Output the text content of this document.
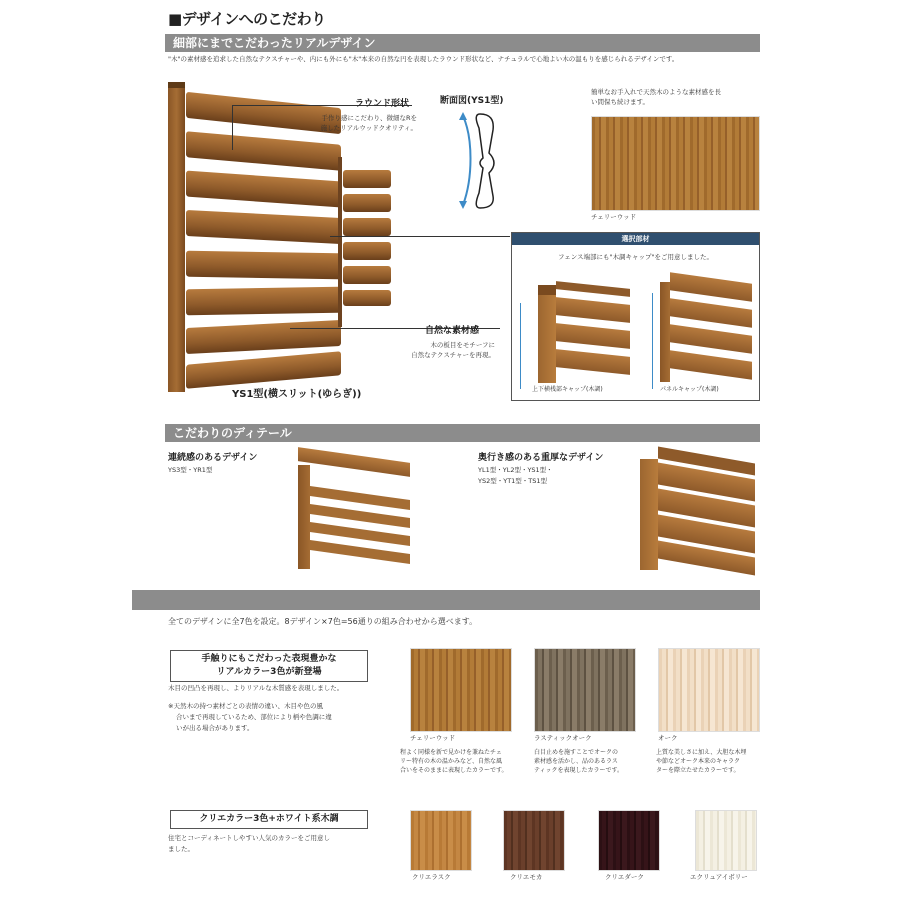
■デザインへのこだわり
細部にまでこだわったリアルデザイン
"木"の素材感を追求した自然なテクスチャーや、内にも外にも"木"本来の自然な円を表現したラウンド形状など、ナチュラルで心地よい木の温もりを感じられるデザインです。
ラウンド形状
手作り感にこだわり、微細なRを
施したリアルウッドクオリティ。
断面図(YS1型)
自然な素材感
木の板目をモチーフに
自然なテクスチャーを再現。
YS1型(横スリット(ゆらぎ))
簡単なお手入れで天然木のような素材感を長
い間保ち続けます。
チェリーウッド
選択部材
フェンス端部にも"木調キャップ"をご用意しました。
上下横桟部キャップ(木調)	パネルキャップ(木調)
こだわりのディテール
連続感のあるデザイン
YS3型・YR1型
奥行き感のある重厚なデザイン
YL1型・YL2型・YS1型・
YS2型・YT1型・TS1型
全てのデザインに全7色を設定。8デザイン×7色=56通りの組み合わせから選べます。
手触りにもこだわった表現豊かな
リアルカラー3色が新登場
木目の凹凸を再現し、よりリアルな木質感を表現しました。
※天然木の持つ素材ごとの表情の違い、木目や色の風
合いまで再現しているため、部位により柄や色調に違
いが出る場合があります。
チェリーウッド
程よく同様を新で見かけを兼ねたチェ
リー特有の木の温かみなど、自然な風
合いをそのままに表現したカラーです。
ラスティックオーク
白目止めを施すことでオークの
素材感を活かし、品のあるラス
ティックを表現したカラーです。
オーク
上質な美しさに加え、大胆な木埋
や節などオーク本来のキャラク
ターを際立たせたカラーです。
クリエカラー3色+ホワイト系木調
住宅とコーディネートしやすい人気のカラーをご用意し
ました。
クリエラスク	クリエモカ	クリエダーク	エクリュアイボリー
